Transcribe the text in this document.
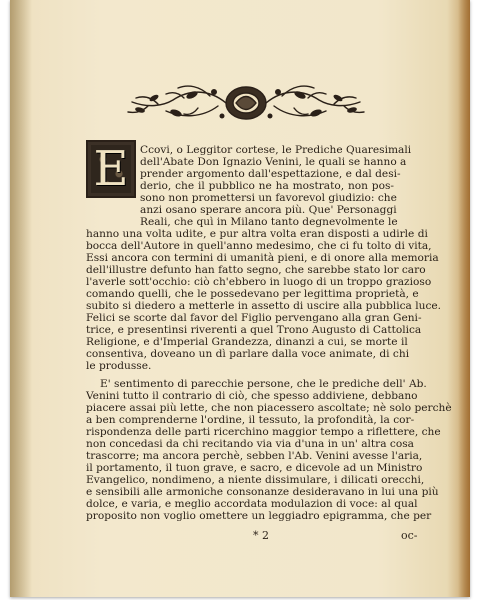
E	Ccovi, o Leggitor cortese, le Prediche Quaresimali
dell'Abate Don Ignazio Venini, le quali se hanno a
prender argomento dall'espettazione, e dal desi-
derio, che il pubblico ne ha mostrato, non pos-
sono non promettersi un favorevol giudizio: che
anzi osano sperare ancora più. Que' Personaggi
Reali, che quì in Milano tanto degnevolmente le
hanno una volta udite, e pur altra volta eran disposti a udirle di
bocca dell'Autore in quell'anno medesimo, che ci fu tolto di vita,
Essi ancora con termini di umanità pieni, e di onore alla memoria
dell'illustre defunto han fatto segno, che sarebbe stato lor caro
l'averle sott'occhio: ciò ch'ebbero in luogo di un troppo grazioso
comando quelli, che le possedevano per legittima proprietà, e
subito si diedero a metterle in assetto di uscire alla pubblica luce.
Felici se scorte dal favor del Figlio pervengano alla gran Geni-
trice, e presentinsi riverenti a quel Trono Augusto di Cattolica
Religione, e d'Imperial Grandezza, dinanzi a cui, se morte il
consentiva, doveano un dì parlare dalla voce animate, di chi
le produsse.
E' sentimento di parecchie persone, che le prediche dell' Ab.
Venini tutto il contrario di ciò, che spesso addiviene, debbano
piacere assai più lette, che non piacessero ascoltate; nè solo perchè
a ben comprenderne l'ordine, il tessuto, la profondità, la cor-
rispondenza delle parti ricerchino maggior tempo a riflettere, che
non concedasi da chi recitando via via d'una in un' altra cosa
trascorre; ma ancora perchè, sebben l'Ab. Venini avesse l'aria,
il portamento, il tuon grave, e sacro, e dicevole ad un Ministro
Evangelico, nondimeno, a niente dissimulare, i dilicati orecchi,
e sensibili alle armoniche consonanze desideravano in lui una più
dolce, e varia, e meglio accordata modulazion di voce: al qual
proposito non voglio omettere un leggiadro epigramma, che per
* 2	oc-
